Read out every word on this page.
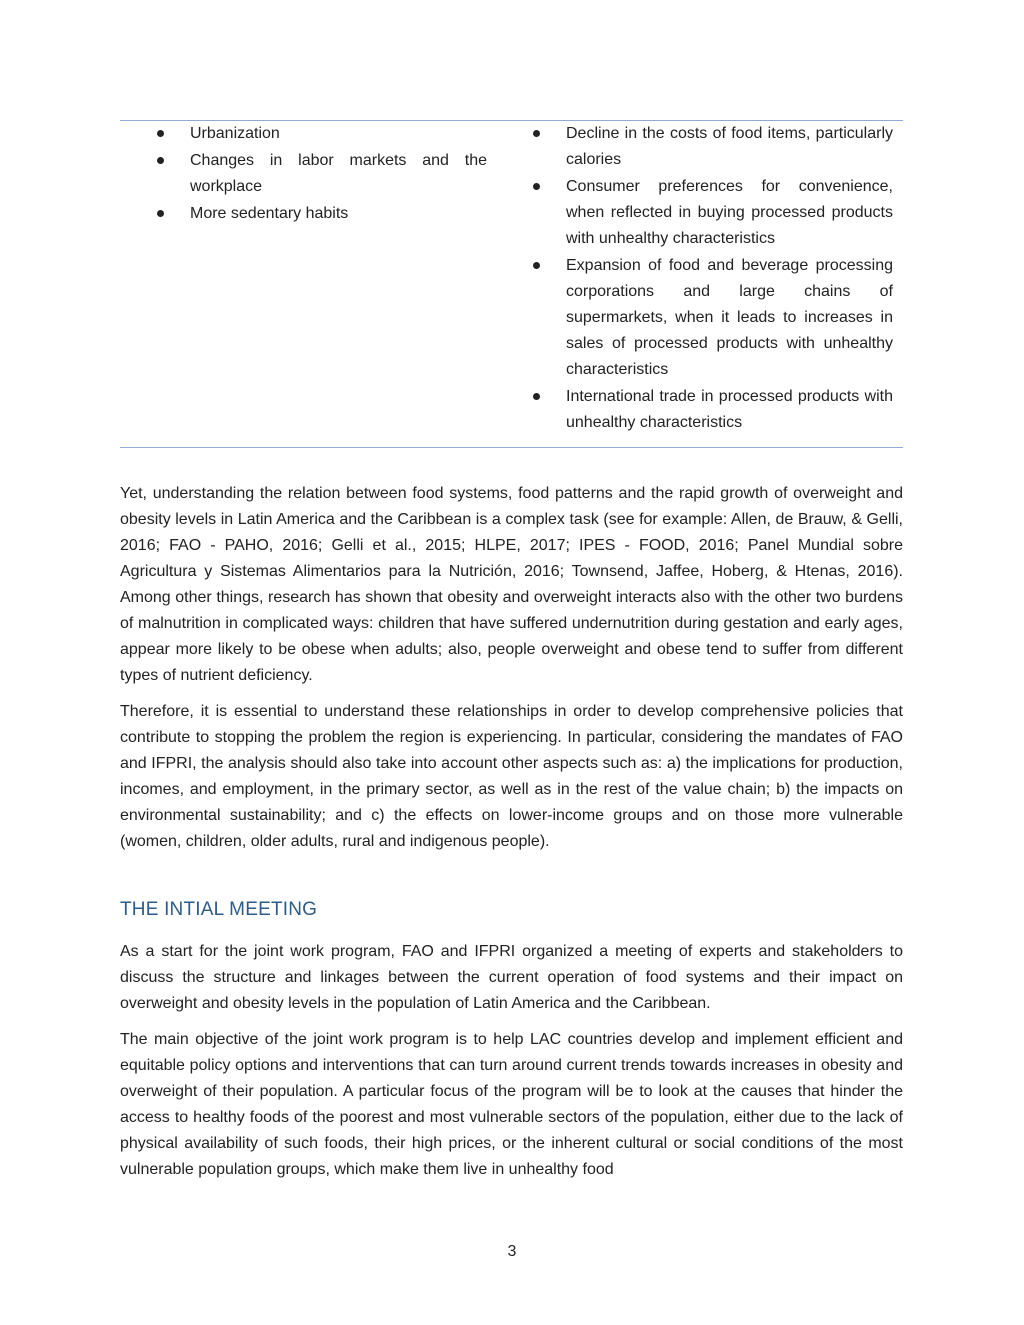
Urbanization
Changes in labor markets and the workplace
More sedentary habits
Decline in the costs of food items, particularly calories
Consumer preferences for convenience, when reflected in buying processed products with unhealthy characteristics
Expansion of food and beverage processing corporations and large chains of supermarkets, when it leads to increases in sales of processed products with unhealthy characteristics
International trade in processed products with unhealthy characteristics

Yet, understanding the relation between food systems, food patterns and the rapid growth of overweight and obesity levels in Latin America and the Caribbean is a complex task (see for example: Allen, de Brauw, & Gelli, 2016; FAO - PAHO, 2016; Gelli et al., 2015; HLPE, 2017; IPES - FOOD, 2016; Panel Mundial sobre Agricultura y Sistemas Alimentarios para la Nutrición, 2016; Townsend, Jaffee, Hoberg, & Htenas, 2016). Among other things, research has shown that obesity and overweight interacts also with the other two burdens of malnutrition in complicated ways: children that have suffered undernutrition during gestation and early ages, appear more likely to be obese when adults; also, people overweight and obese tend to suffer from different types of nutrient deficiency.

Therefore, it is essential to understand these relationships in order to develop comprehensive policies that contribute to stopping the problem the region is experiencing. In particular, considering the mandates of FAO and IFPRI, the analysis should also take into account other aspects such as: a) the implications for production, incomes, and employment, in the primary sector, as well as in the rest of the value chain; b) the impacts on environmental sustainability; and c) the effects on lower-income groups and on those more vulnerable (women, children, older adults, rural and indigenous people).

THE INTIAL MEETING

As a start for the joint work program, FAO and IFPRI organized a meeting of experts and stakeholders to discuss the structure and linkages between the current operation of food systems and their impact on overweight and obesity levels in the population of Latin America and the Caribbean.

The main objective of the joint work program is to help LAC countries develop and implement efficient and equitable policy options and interventions that can turn around current trends towards increases in obesity and overweight of their population. A particular focus of the program will be to look at the causes that hinder the access to healthy foods of the poorest and most vulnerable sectors of the population, either due to the lack of physical availability of such foods, their high prices, or the inherent cultural or social conditions of the most vulnerable population groups, which make them live in unhealthy food

3
